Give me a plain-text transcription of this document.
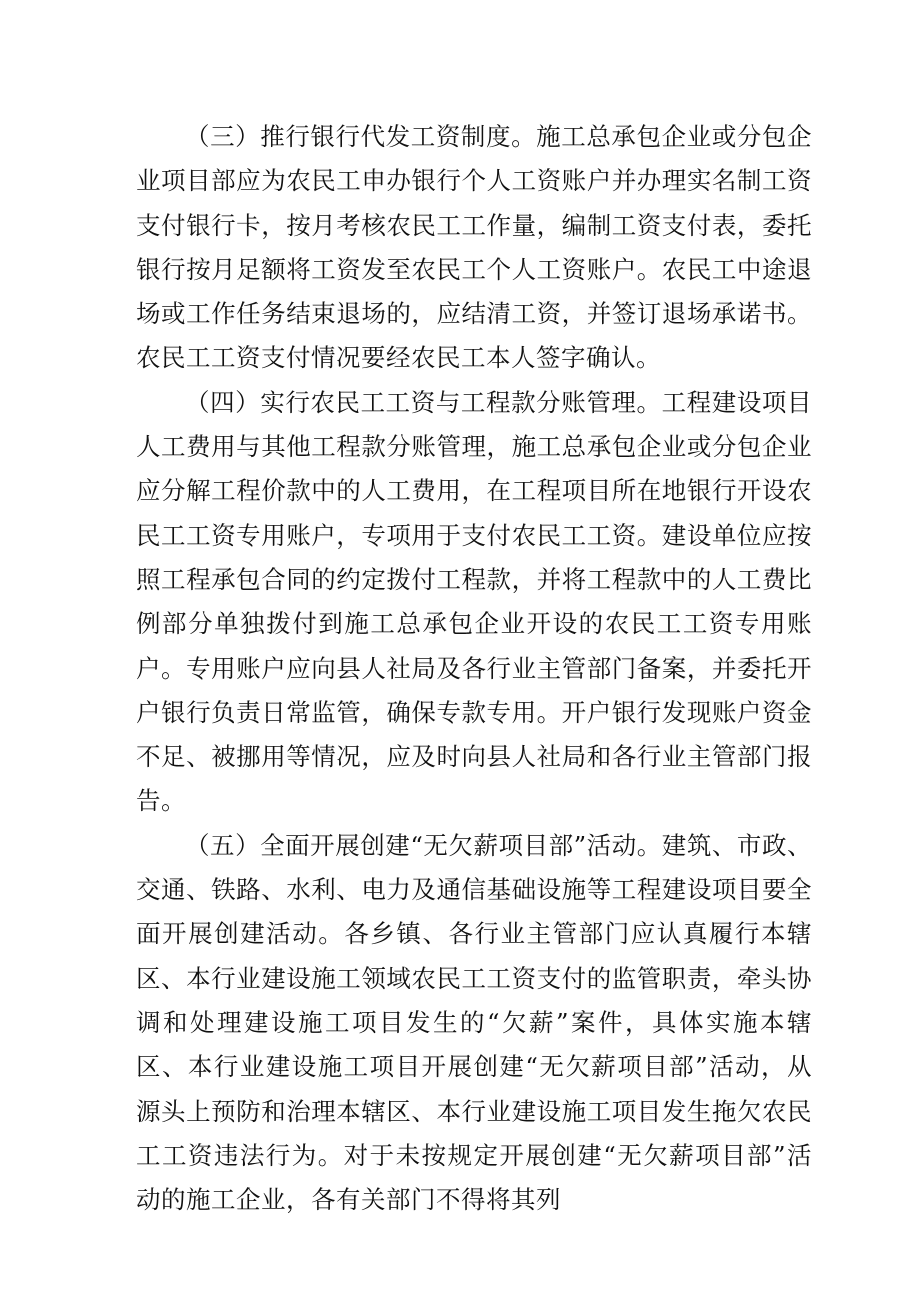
（三）推行银行代发工资制度。施工总承包企业或分包企业项目部应为农民工申办银行个人工资账户并办理实名制工资支付银行卡，按月考核农民工工作量，编制工资支付表，委托银行按月足额将工资发至农民工个人工资账户。农民工中途退场或工作任务结束退场的，应结清工资，并签订退场承诺书。农民工工资支付情况要经农民工本人签字确认。

（四）实行农民工工资与工程款分账管理。工程建设项目人工费用与其他工程款分账管理，施工总承包企业或分包企业应分解工程价款中的人工费用，在工程项目所在地银行开设农民工工资专用账户，专项用于支付农民工工资。建设单位应按照工程承包合同的约定拨付工程款，并将工程款中的人工费比例部分单独拨付到施工总承包企业开设的农民工工资专用账户。专用账户应向县人社局及各行业主管部门备案，并委托开户银行负责日常监管，确保专款专用。开户银行发现账户资金不足、被挪用等情况，应及时向县人社局和各行业主管部门报告。

（五）全面开展创建“无欠薪项目部”活动。建筑、市政、交通、铁路、水利、电力及通信基础设施等工程建设项目要全面开展创建活动。各乡镇、各行业主管部门应认真履行本辖区、本行业建设施工领域农民工工资支付的监管职责，牵头协调和处理建设施工项目发生的“欠薪”案件，具体实施本辖区、本行业建设施工项目开展创建“无欠薪项目部”活动，从源头上预防和治理本辖区、本行业建设施工项目发生拖欠农民工工资违法行为。对于未按规定开展创建“无欠薪项目部”活动的施工企业，各有关部门不得将其列
